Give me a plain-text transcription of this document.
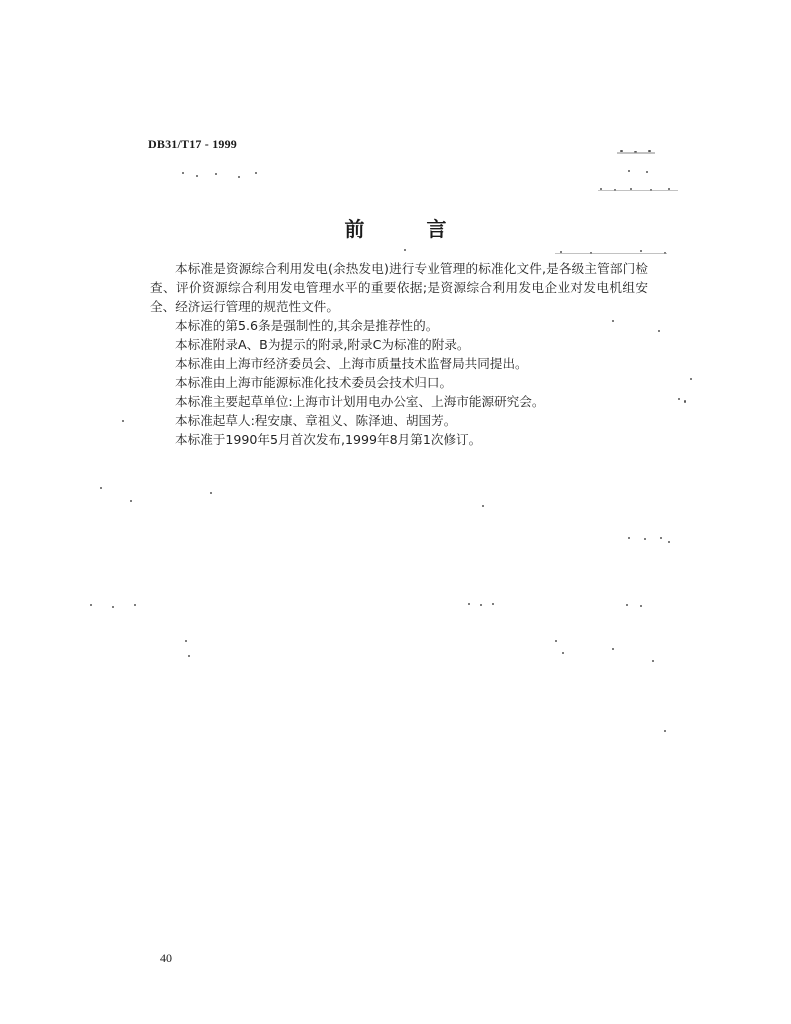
DB31/T17 - 1999
前	言

本标准是资源综合利用发电(余热发电)进行专业管理的标准化文件,是各级主管部门检查、评价资源综合利用发电管理水平的重要依据;是资源综合利用发电企业对发电机组安全、经济运行管理的规范性文件。

本标准的第5.6条是强制性的,其余是推荐性的。

本标准附录A、B为提示的附录,附录C为标准的附录。

本标准由上海市经济委员会、上海市质量技术监督局共同提出。

本标准由上海市能源标准化技术委员会技术归口。

本标准主要起草单位:上海市计划用电办公室、上海市能源研究会。

本标准起草人:程安康、章祖义、陈泽迪、胡国芳。

本标准于1990年5月首次发布,1999年8月第1次修订。

40
